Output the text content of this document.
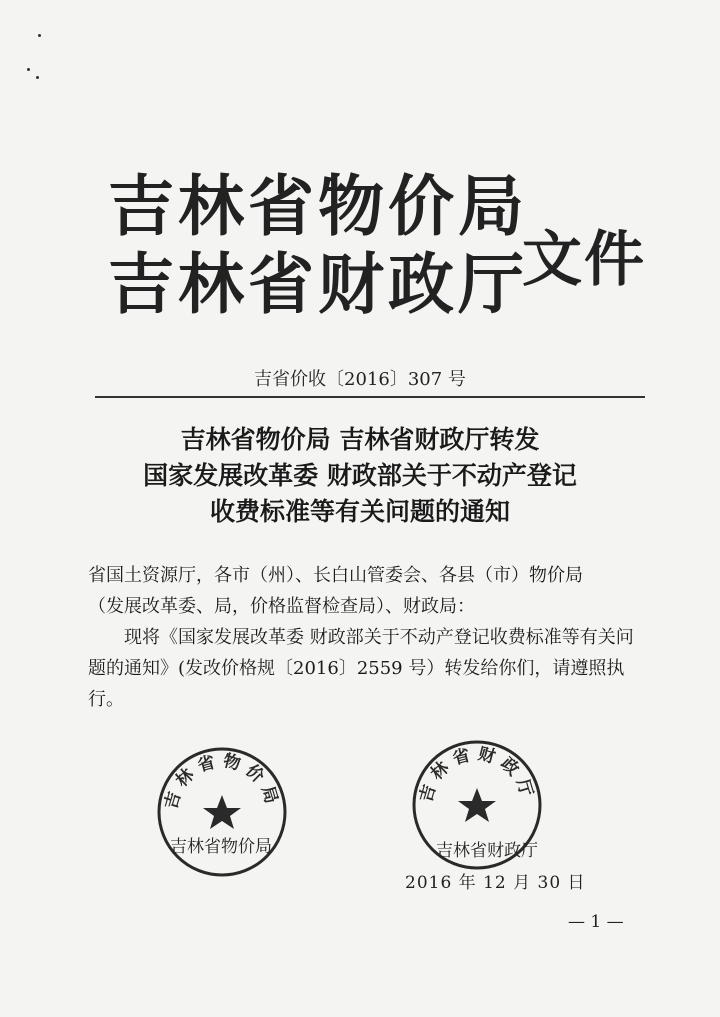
吉林省物价局
吉林省财政厅
文件
吉省价收〔2016〕307 号
吉林省物价局 吉林省财政厅转发
国家发展改革委 财政部关于不动产登记
收费标准等有关问题的通知

省国土资源厅，各市（州）、长白山管委会、各县（市）物价局

（发展改革委、局，价格监督检查局）、财政局：

现将《国家发展改革委 财政部关于不动产登记收费标准等有关问题的通知》(发改价格规〔2016〕2559 号）转发给你们，请遵照执行。

吉林省物价局
吉林省物价局
吉林省财政厅
吉林省财政厅
2016 年 12 月 30 日
— 1 —
